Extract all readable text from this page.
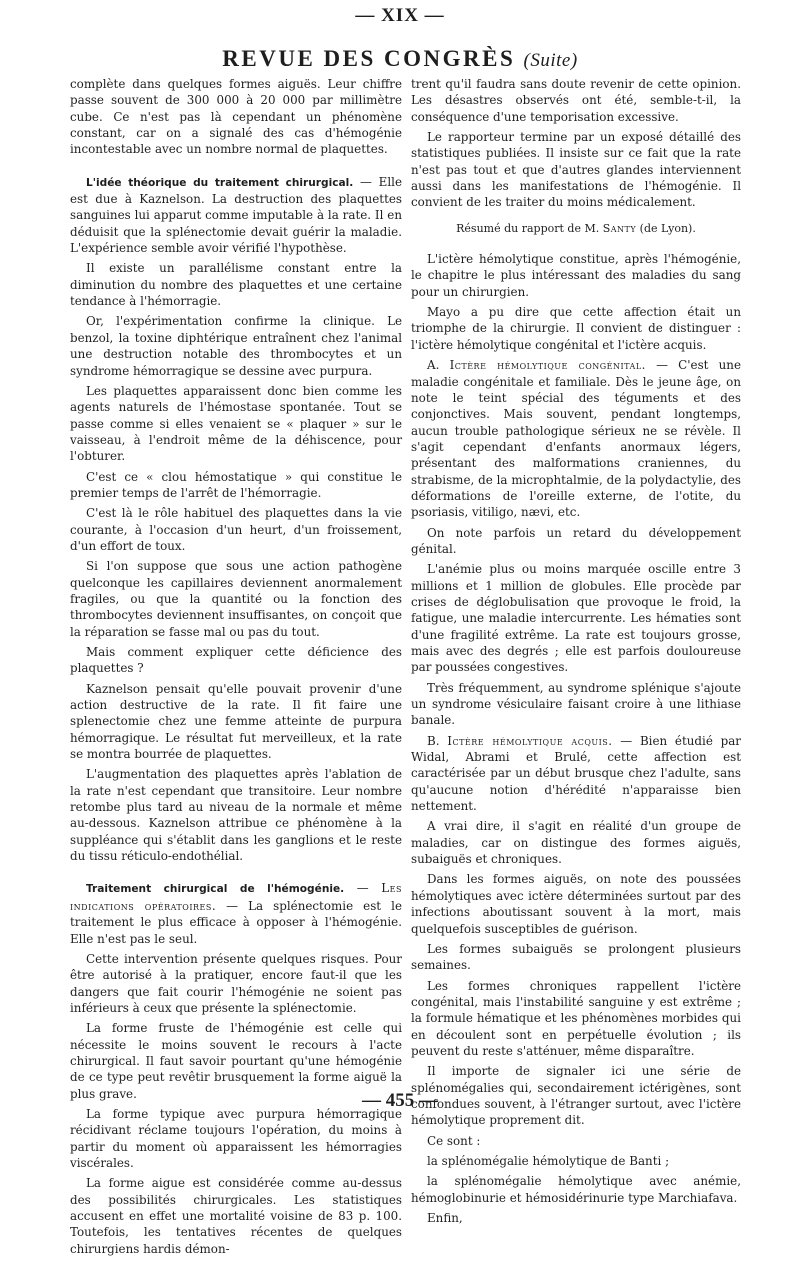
— XIX —
REVUE DES CONGRÈS (Suite)

complète dans quelques formes aiguës. Leur chiffre passe souvent de 300 000 à 20 000 par millimètre cube. Ce n'est pas là cependant un phénomène constant, car on a signalé des cas d'hémogénie incontestable avec un nombre normal de plaquettes.

L'idée théorique du traitement chirurgical. — Elle est due à Kaznelson. La destruction des plaquettes sanguines lui apparut comme imputable à la rate. Il en déduisit que la splénectomie devait guérir la maladie. L'expérience semble avoir vérifié l'hypothèse.

Il existe un parallélisme constant entre la diminution du nombre des plaquettes et une certaine tendance à l'hémorragie.

Or, l'expérimentation confirme la clinique. Le benzol, la toxine diphtérique entraînent chez l'animal une destruction notable des thrombocytes et un syndrome hémorragique se dessine avec purpura.

Les plaquettes apparaissent donc bien comme les agents naturels de l'hémostase spontanée. Tout se passe comme si elles venaient se « plaquer » sur le vaisseau, à l'endroit même de la déhiscence, pour l'obturer.

C'est ce « clou hémostatique » qui constitue le premier temps de l'arrêt de l'hémorragie.

C'est là le rôle habituel des plaquettes dans la vie courante, à l'occasion d'un heurt, d'un froissement, d'un effort de toux.

Si l'on suppose que sous une action pathogène quelconque les capillaires deviennent anormalement fragiles, ou que la quantité ou la fonction des thrombocytes deviennent insuffisantes, on conçoit que la réparation se fasse mal ou pas du tout.

Mais comment expliquer cette déficience des plaquettes ?

Kaznelson pensait qu'elle pouvait provenir d'une action destructive de la rate. Il fit faire une splenectomie chez une femme atteinte de purpura hémorragique. Le résultat fut merveilleux, et la rate se montra bourrée de plaquettes.

L'augmentation des plaquettes après l'ablation de la rate n'est cependant que transitoire. Leur nombre retombe plus tard au niveau de la normale et même au-dessous. Kaznelson attribue ce phénomène à la suppléance qui s'établit dans les ganglions et le reste du tissu réticulo-endothélial.

Traitement chirurgical de l'hémogénie. — Les indications opératoires. — La splénectomie est le traitement le plus efficace à opposer à l'hémogénie. Elle n'est pas le seul.

Cette intervention présente quelques risques. Pour être autorisé à la pratiquer, encore faut-il que les dangers que fait courir l'hémogénie ne soient pas inférieurs à ceux que présente la splénectomie.

La forme fruste de l'hémogénie est celle qui nécessite le moins souvent le recours à l'acte chirurgical. Il faut savoir pourtant qu'une hémogénie de ce type peut revêtir brusquement la forme aiguë la plus grave.

La forme typique avec purpura hémorragique récidivant réclame toujours l'opération, du moins à partir du moment où apparaissent les hémorragies viscérales.

La forme aigue est considérée comme au-dessus des possibilités chirurgicales. Les statistiques accusent en effet une mortalité voisine de 83 p. 100. Toutefois, les tentatives récentes de quelques chirurgiens hardis démon-

trent qu'il faudra sans doute revenir de cette opinion. Les désastres observés ont été, semble-t-il, la conséquence d'une temporisation excessive.

Le rapporteur termine par un exposé détaillé des statistiques publiées. Il insiste sur ce fait que la rate n'est pas tout et que d'autres glandes interviennent aussi dans les manifestations de l'hémogénie. Il convient de les traiter du moins médicalement.

Résumé du rapport de M. Santy (de Lyon).

L'ictère hémolytique constitue, après l'hémogénie, le chapitre le plus intéressant des maladies du sang pour un chirurgien.

Mayo a pu dire que cette affection était un triomphe de la chirurgie. Il convient de distinguer : l'ictère hémolytique congénital et l'ictère acquis.

A. Ictère hémolytique congénital. — C'est une maladie congénitale et familiale. Dès le jeune âge, on note le teint spécial des téguments et des conjonctives. Mais souvent, pendant longtemps, aucun trouble pathologique sérieux ne se révèle. Il s'agit cependant d'enfants anormaux légers, présentant des malformations craniennes, du strabisme, de la microphtalmie, de la polydactylie, des déformations de l'oreille externe, de l'otite, du psoriasis, vitiligo, nævi, etc.

On note parfois un retard du développement génital.

L'anémie plus ou moins marquée oscille entre 3 millions et 1 million de globules. Elle procède par crises de déglobulisation que provoque le froid, la fatigue, une maladie intercurrente. Les hématies sont d'une fragilité extrême. La rate est toujours grosse, mais avec des degrés ; elle est parfois douloureuse par poussées congestives.

Très fréquemment, au syndrome splénique s'ajoute un syndrome vésiculaire faisant croire à une lithiase banale.

B. Ictère hémolytique acquis. — Bien étudié par Widal, Abrami et Brulé, cette affection est caractérisée par un début brusque chez l'adulte, sans qu'aucune notion d'hérédité n'apparaisse bien nettement.

A vrai dire, il s'agit en réalité d'un groupe de maladies, car on distingue des formes aiguës, subaiguës et chroniques.

Dans les formes aiguës, on note des poussées hémolytiques avec ictère déterminées surtout par des infections aboutissant souvent à la mort, mais quelquefois susceptibles de guérison.

Les formes subaiguës se prolongent plusieurs semaines.

Les formes chroniques rappellent l'ictère congénital, mais l'instabilité sanguine y est extrême ; la formule hématique et les phénomènes morbides qui en découlent sont en perpétuelle évolution ; ils peuvent du reste s'atténuer, même disparaître.

Il importe de signaler ici une série de splénomégalies qui, secondairement ictérigènes, sont confondues souvent, à l'étranger surtout, avec l'ictère hémolytique proprement dit.

Ce sont :

la splénomégalie hémolytique de Banti ;

la splénomégalie hémolytique avec anémie, hémoglobinurie et hémosidérinurie type Marchiafava.

Enfin,

— 455 —
